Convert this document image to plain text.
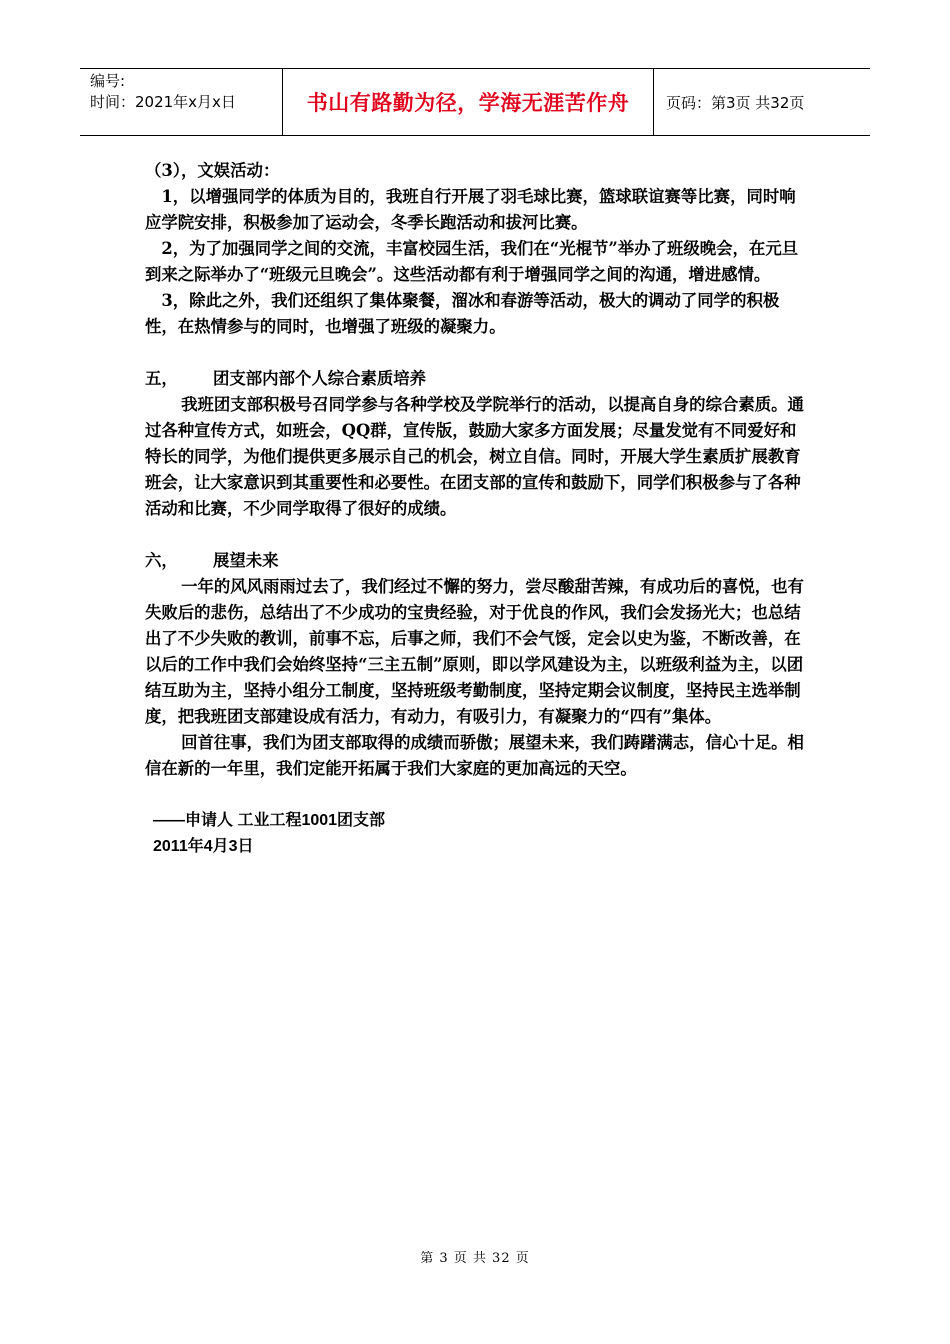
编号:
时间：2021年x月x日	书山有路勤为径，学海无涯苦作舟	页码：第3页 共32页

（3），文娱活动：

1，以增强同学的体质为目的，我班自行开展了羽毛球比赛，篮球联谊赛等比赛，同时响应学院安排，积极参加了运动会，冬季长跑活动和拔河比赛。

2，为了加强同学之间的交流，丰富校园生活，我们在“光棍节”举办了班级晚会，在元旦到来之际举办了“班级元旦晚会”。这些活动都有利于增强同学之间的沟通，增进感情。

3，除此之外，我们还组织了集体聚餐，溜冰和春游等活动，极大的调动了同学的积极性，在热情参与的同时，也增强了班级的凝聚力。

五，	团支部内部个人综合素质培养

我班团支部积极号召同学参与各种学校及学院举行的活动，以提高自身的综合素质。通过各种宣传方式，如班会，QQ群，宣传版，鼓励大家多方面发展；尽量发觉有不同爱好和特长的同学，为他们提供更多展示自己的机会，树立自信。同时，开展大学生素质扩展教育班会，让大家意识到其重要性和必要性。在团支部的宣传和鼓励下，同学们积极参与了各种活动和比赛，不少同学取得了很好的成绩。

六，	展望未来

一年的风风雨雨过去了，我们经过不懈的努力，尝尽酸甜苦辣，有成功后的喜悦，也有失败后的悲伤，总结出了不少成功的宝贵经验，对于优良的作风，我们会发扬光大；也总结出了不少失败的教训，前事不忘，后事之师，我们不会气馁，定会以史为鉴，不断改善，在以后的工作中我们会始终坚持“三主五制”原则，即以学风建设为主，以班级利益为主，以团结互助为主，坚持小组分工制度，坚持班级考勤制度，坚持定期会议制度，坚持民主选举制度，把我班团支部建设成有活力，有动力，有吸引力，有凝聚力的“四有”集体。

回首往事，我们为团支部取得的成绩而骄傲；展望未来，我们踌躇满志，信心十足。相信在新的一年里，我们定能开拓属于我们大家庭的更加高远的天空。

——申请人 工业工程1001团支部

2011年4月3日

第 3 页 共 32 页
